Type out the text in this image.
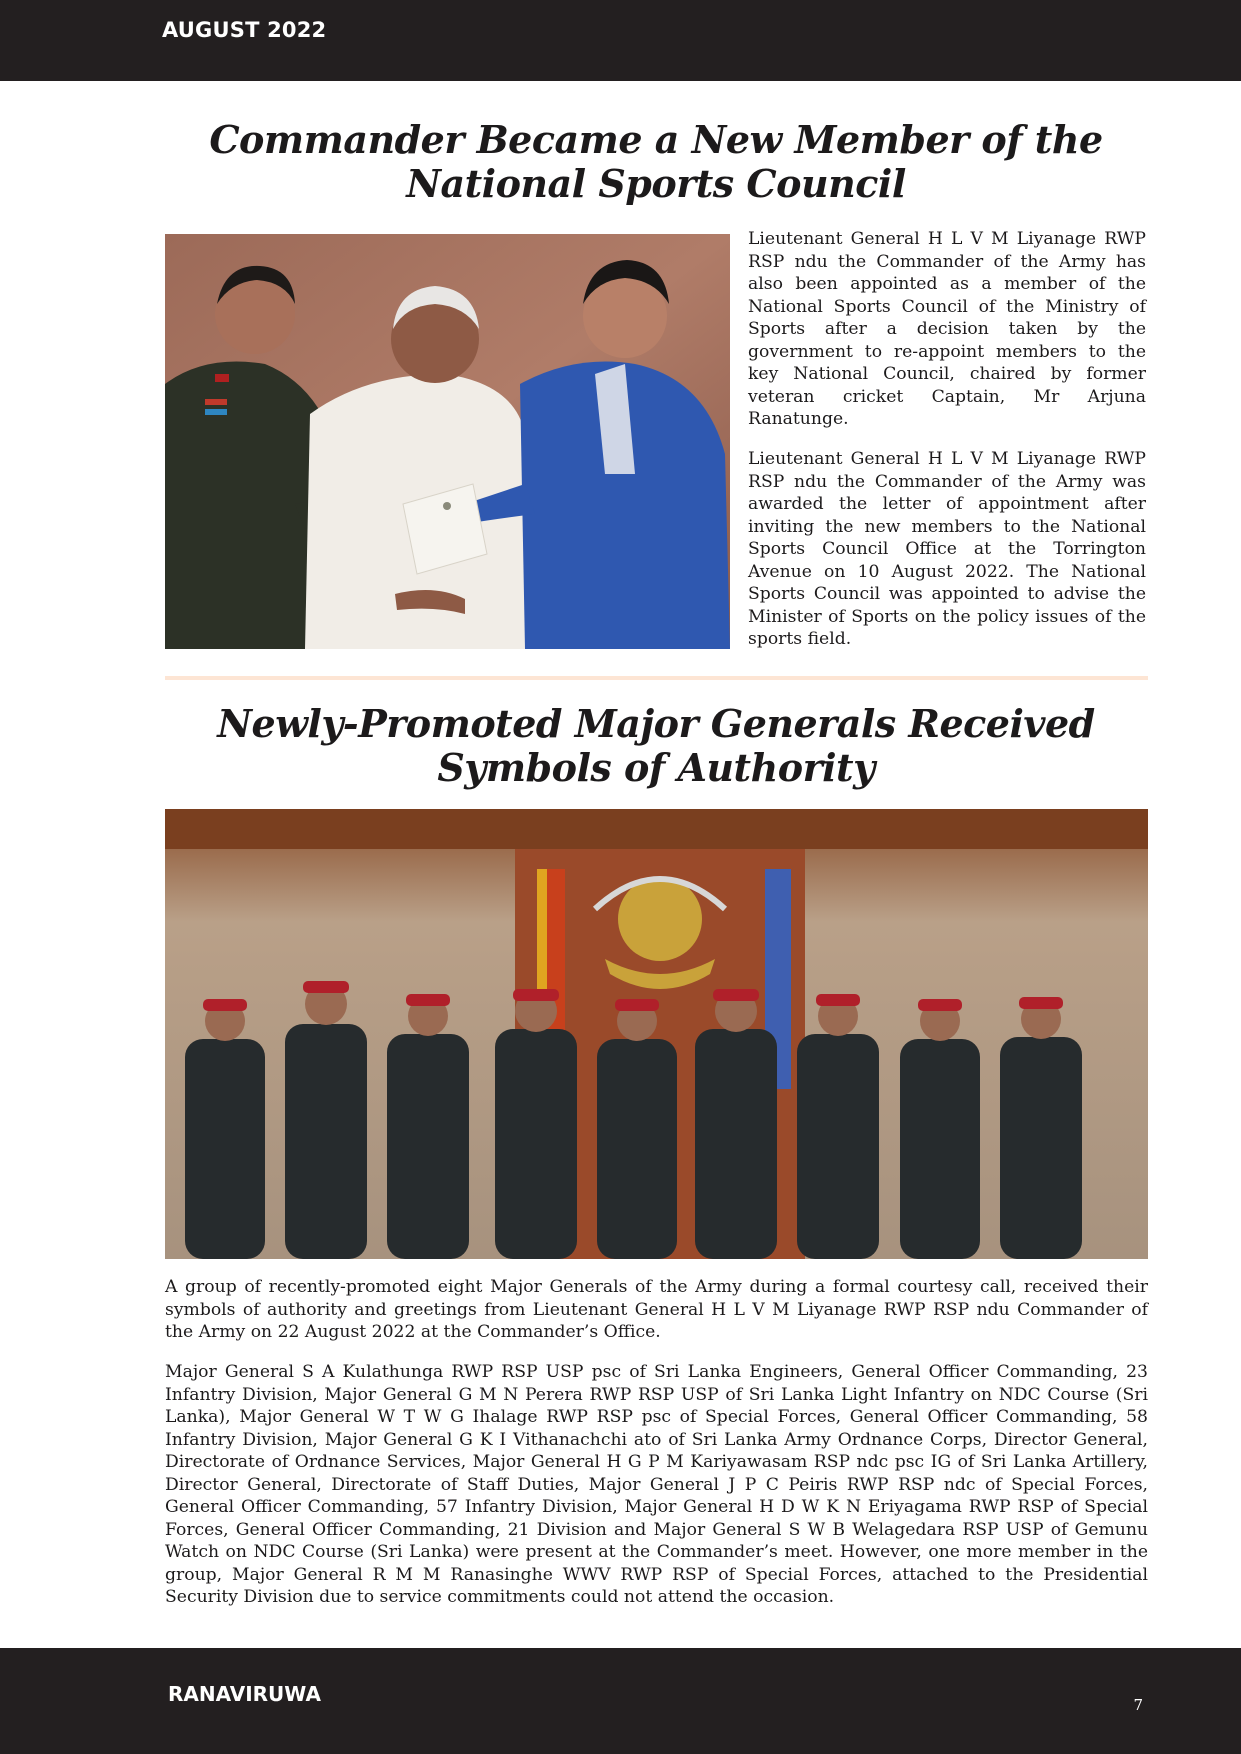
AUGUST 2022
Commander Became a New Member of the National Sports Council

Lieutenant General H L V M Liyanage RWP RSP ndu the Commander of the Army has also been appointed as a member of the National Sports Council of the Ministry of Sports after a decision taken by the government to re-appoint members to the key National Council, chaired by former veteran cricket Captain, Mr Arjuna Ranatunge.

Lieutenant General H L V M Liyanage RWP RSP ndu the Commander of the Army was awarded the letter of appointment after inviting the new members to the National Sports Council Office at the Torrington Avenue on 10 August 2022. The National Sports Council was appointed to advise the Minister of Sports on the policy issues of the sports field.

Newly-Promoted Major Generals Received Symbols of Authority

A group of recently-promoted eight Major Generals of the Army during a formal courtesy call, received their symbols of authority and greetings from Lieutenant General H L V M Liyanage RWP RSP ndu Commander of the Army on 22 August 2022 at the Commander’s Office.

Major General S A Kulathunga RWP RSP USP psc of Sri Lanka Engineers, General Officer Commanding, 23 Infantry Division, Major General G M N Perera RWP RSP USP of Sri Lanka Light Infantry on NDC Course (Sri Lanka), Major General W T W G Ihalage RWP RSP psc of Special Forces, General Officer Commanding, 58 Infantry Division, Major General G K I Vithanachchi ato of Sri Lanka Army Ordnance Corps, Director General, Directorate of Ordnance Services, Major General H G P M Kariyawasam RSP ndc psc IG of Sri Lanka Artillery, Director General, Directorate of Staff Duties, Major General J P C Peiris RWP RSP ndc of Special Forces, General Officer Commanding, 57 Infantry Division, Major General H D W K N Eriyagama RWP RSP of Special Forces, General Officer Commanding, 21 Division and Major General S W B Welagedara RSP USP of Gemunu Watch on NDC Course (Sri Lanka) were present at the Commander’s meet. However, one more member in the group, Major General R M M Ranasinghe WWV RWP RSP of Special Forces, attached to the Presidential Security Division due to service commitments could not attend the occasion.

RANAVIRUWA	7
